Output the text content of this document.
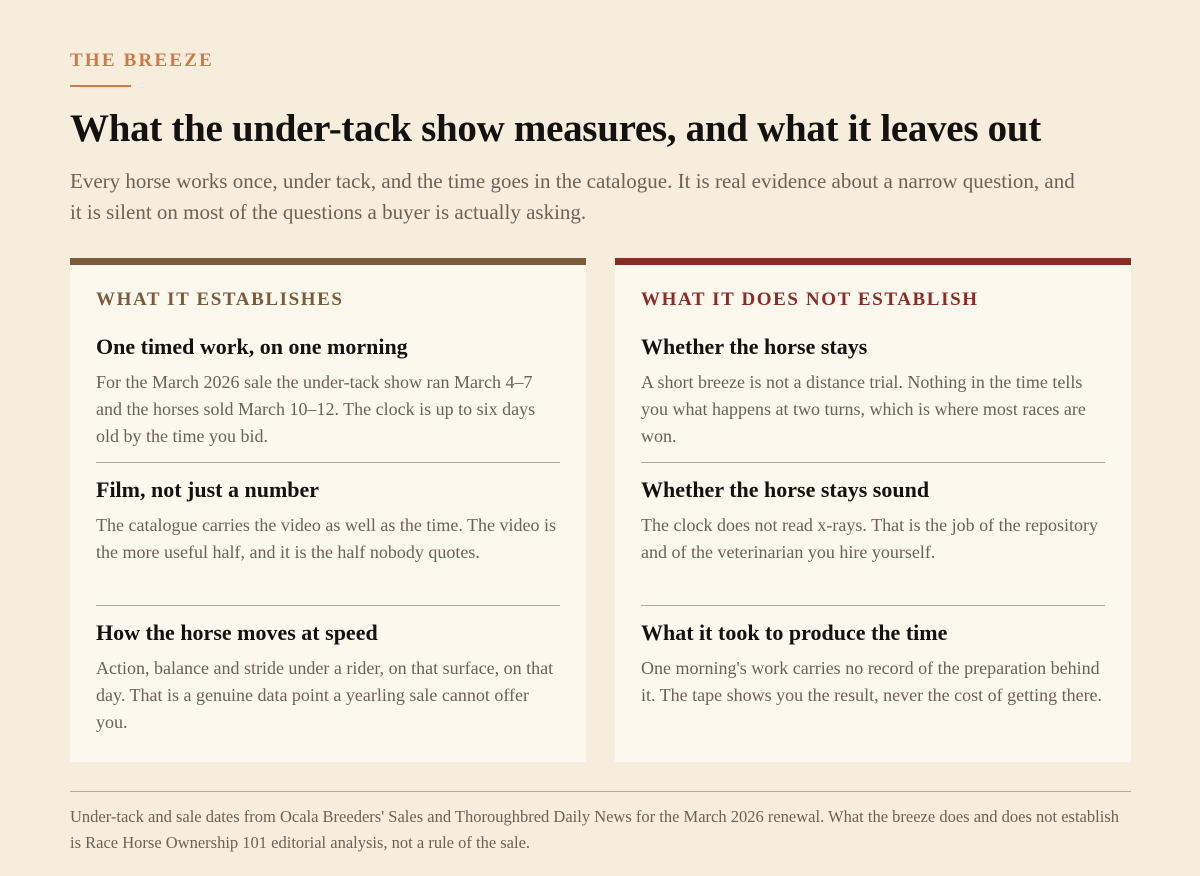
THE BREEZE
What the under-tack show measures, and what it leaves out

Every horse works once, under tack, and the time goes in the catalogue. It is real evidence about a narrow question, and it is silent on most of the questions a buyer is actually asking.

WHAT IT ESTABLISHES
One timed work, on one morning
For the March 2026 sale the under-tack show ran March 4–7 and the horses sold March 10–12. The clock is up to six days old by the time you bid.
Film, not just a number
The catalogue carries the video as well as the time. The video is the more useful half, and it is the half nobody quotes.
How the horse moves at speed
Action, balance and stride under a rider, on that surface, on that day. That is a genuine data point a yearling sale cannot offer you.
WHAT IT DOES NOT ESTABLISH
Whether the horse stays
A short breeze is not a distance trial. Nothing in the time tells you what happens at two turns, which is where most races are won.
Whether the horse stays sound
The clock does not read x-rays. That is the job of the repository and of the veterinarian you hire yourself.
What it took to produce the time
One morning's work carries no record of the preparation behind it. The tape shows you the result, never the cost of getting there.

Under-tack and sale dates from Ocala Breeders' Sales and Thoroughbred Daily News for the March 2026 renewal. What the breeze does and does not establish is Race Horse Ownership 101 editorial analysis, not a rule of the sale.
